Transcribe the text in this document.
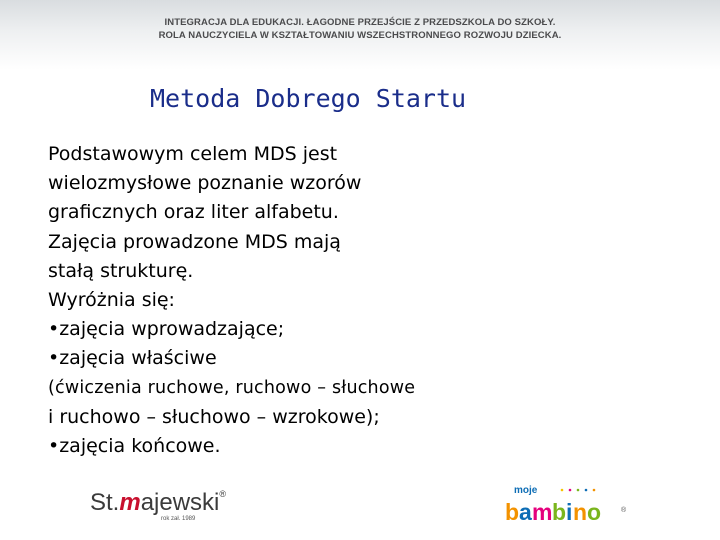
INTEGRACJA DLA EDUKACJI. ŁAGODNE PRZEJŚCIE Z PRZEDSZKOLA DO SZKOŁY.
ROLA NAUCZYCIELA W KSZTAŁTOWANIU WSZECHSTRONNEGO ROZWOJU DZIECKA.
Metoda Dobrego Startu
Podstawowym celem MDS jest
wielozmysłowe poznanie wzorów
graficznych oraz liter alfabetu.
Zajęcia prowadzone MDS mają
stałą strukturę.
Wyróżnia się:
•zajęcia wprowadzające;
•zajęcia właściwe
(ćwiczenia ruchowe, ruchowo – słuchowe
i ruchowo – słuchowo – wzrokowe);
•zajęcia końcowe.
St.majewski®
rok zał. 1989
moje
b a m b i n o	®
